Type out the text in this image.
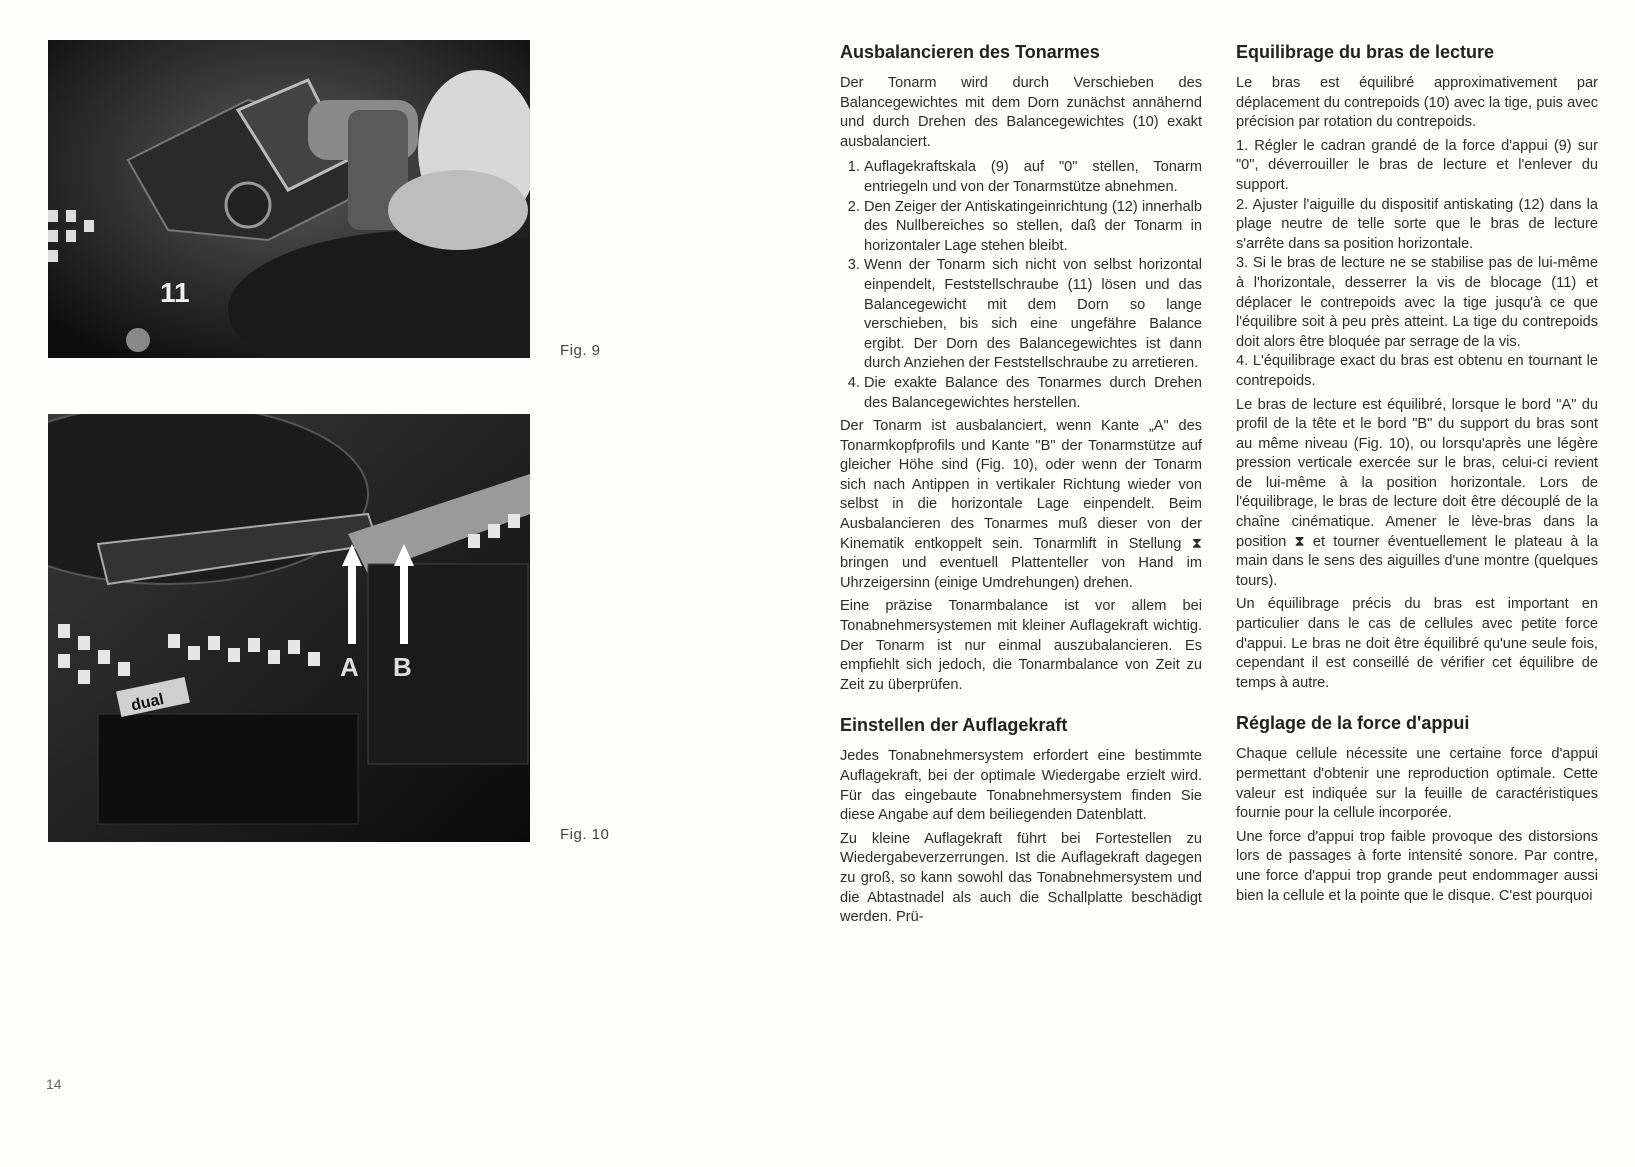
11
Fig. 9
A B
dual
Fig. 10
14
Ausbalancieren des Tonarmes

Der Tonarm wird durch Verschieben des Balancegewichtes mit dem Dorn zunächst annähernd und durch Drehen des Balancegewichtes (10) exakt ausbalanciert.

1. Auflagekraftskala (9) auf "0" stellen, Tonarm entriegeln und von der Tonarmstütze abnehmen.
2. Den Zeiger der Antiskatingeinrichtung (12) innerhalb des Nullbereiches so stellen, daß der Tonarm in horizontaler Lage stehen bleibt.
3. Wenn der Tonarm sich nicht von selbst horizontal einpendelt, Feststellschraube (11) lösen und das Balancegewicht mit dem Dorn so lange verschieben, bis sich eine ungefähre Balance ergibt. Der Dorn des Balancegewichtes ist dann durch Anziehen der Feststellschraube zu arretieren.
4. Die exakte Balance des Tonarmes durch Drehen des Balancegewichtes herstellen.

Der Tonarm ist ausbalanciert, wenn Kante „A" des Tonarmkopfprofils und Kante "B" der Tonarmstütze auf gleicher Höhe sind (Fig. 10), oder wenn der Tonarm sich nach Antippen in vertikaler Richtung wieder von selbst in die horizontale Lage einpendelt. Beim Ausbalancieren des Tonarmes muß dieser von der Kinematik entkoppelt sein. Tonarmlift in Stellung ⧗ bringen und eventuell Plattenteller von Hand im Uhrzeigersinn (einige Umdrehungen) drehen.

Eine präzise Tonarmbalance ist vor allem bei Tonabnehmersystemen mit kleiner Auflagekraft wichtig. Der Tonarm ist nur einmal auszubalancieren. Es empfiehlt sich jedoch, die Tonarmbalance von Zeit zu Zeit zu überprüfen.

Einstellen der Auflagekraft

Jedes Tonabnehmersystem erfordert eine bestimmte Auflagekraft, bei der optimale Wiedergabe erzielt wird. Für das eingebaute Tonabnehmersystem finden Sie diese Angabe auf dem beiliegenden Datenblatt.

Zu kleine Auflagekraft führt bei Fortestellen zu Wiedergabeverzerrungen. Ist die Auflagekraft dagegen zu groß, so kann sowohl das Tonabnehmersystem und die Abtastnadel als auch die Schallplatte beschädigt werden. Prü-

Equilibrage du bras de lecture

Le bras est équilibré approximativement par déplacement du contrepoids (10) avec la tige, puis avec précision par rotation du contrepoids.

1. Régler le cadran grandé de la force d'appui (9) sur "0", déverrouiller le bras de lecture et l'enlever du support.

2. Ajuster l'aiguille du dispositif antiskating (12) dans la plage neutre de telle sorte que le bras de lecture s'arrête dans sa position horizontale.

3. Si le bras de lecture ne se stabilise pas de lui-même à l'horizontale, desserrer la vis de blocage (11) et déplacer le contrepoids avec la tige jusqu'à ce que l'équilibre soit à peu près atteint. La tige du contrepoids doit alors être bloquée par serrage de la vis.

4. L'équilibrage exact du bras est obtenu en tournant le contrepoids.

Le bras de lecture est équilibré, lorsque le bord "A" du profil de la tête et le bord "B" du support du bras sont au même niveau (Fig. 10), ou lorsqu'après une légère pression verticale exercée sur le bras, celui-ci revient de lui-même à la position horizontale. Lors de l'équilibrage, le bras de lecture doit être découplé de la chaîne cinématique. Amener le lève-bras dans la position ⧗ et tourner éventuellement le plateau à la main dans le sens des aiguilles d'une montre (quelques tours).

Un équilibrage précis du bras est important en particulier dans le cas de cellules avec petite force d'appui. Le bras ne doit être équilibré qu'une seule fois, cependant il est conseillé de vérifier cet équilibre de temps à autre.

Réglage de la force d'appui

Chaque cellule nécessite une certaine force d'appui permettant d'obtenir une reproduction optimale. Cette valeur est indiquée sur la feuille de caractéristiques fournie pour la cellule incorporée.

Une force d'appui trop faible provoque des distorsions lors de passages à forte intensité sonore. Par contre, une force d'appui trop grande peut endommager aussi bien la cellule et la pointe que le disque. C'est pourquoi
